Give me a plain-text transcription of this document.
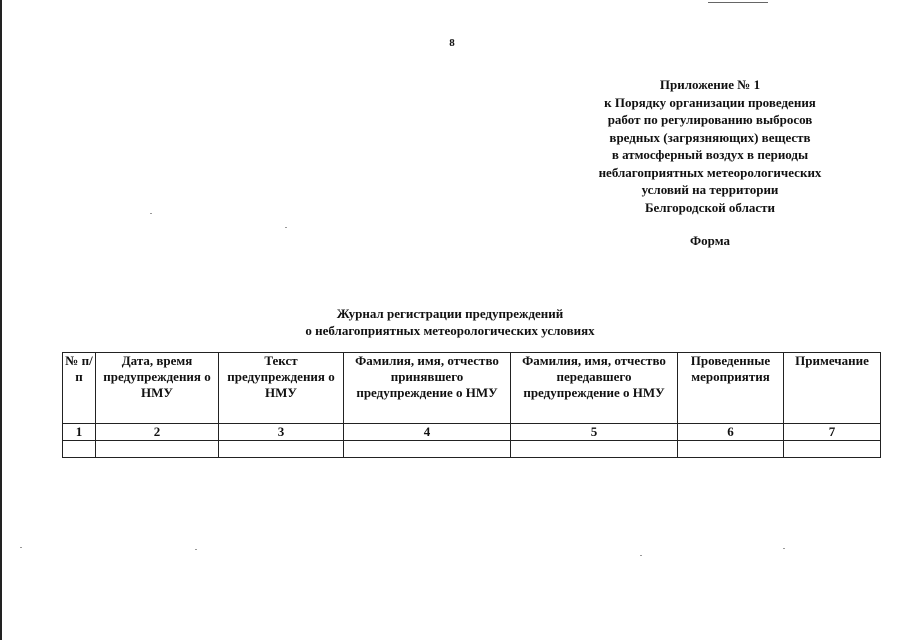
8
Приложение № 1
к Порядку организации проведения
работ по регулированию выбросов
вредных (загрязняющих) веществ
в атмосферный воздух в периоды
неблагоприятных метеорологических
условий на территории
Белгородской области
Форма
Журнал регистрации предупреждений
о неблагоприятных метеорологических условиях
№ п/п	Дата, время предупреждения о НМУ	Текст предупреждения о НМУ	Фамилия, имя, отчество принявшего предупреждение о НМУ	Фамилия, имя, отчество передавшего предупреждение о НМУ	Проведенные мероприятия	Примечание
1	2	3	4	5	6	7
